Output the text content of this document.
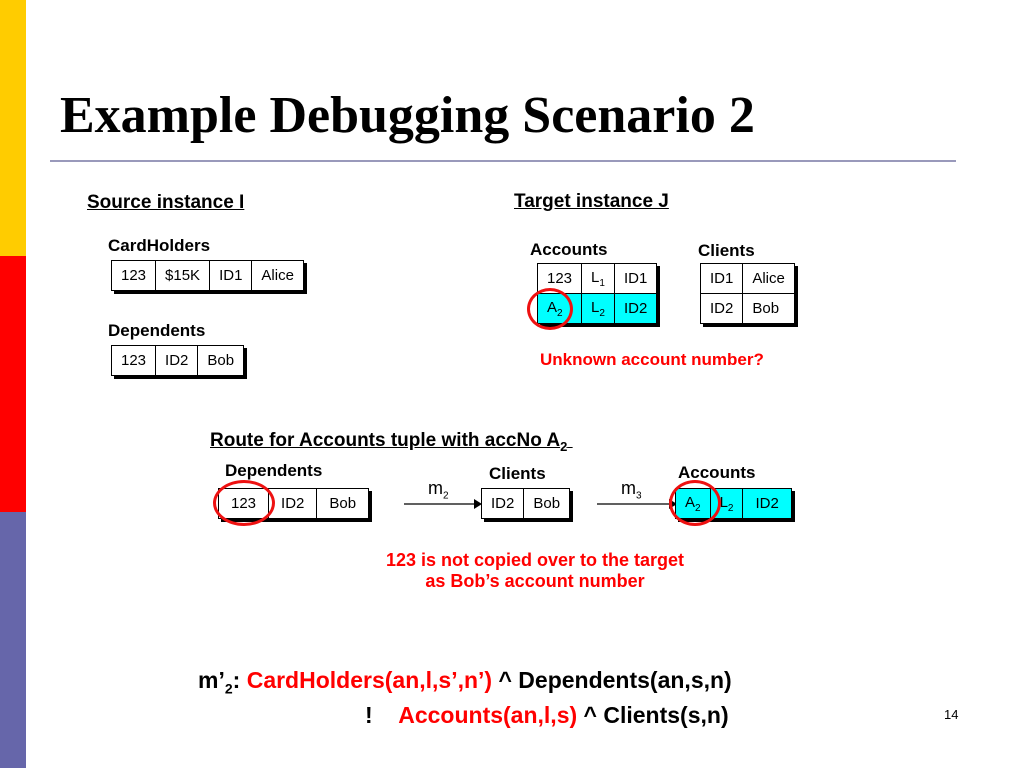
Example Debugging Scenario 2
Source instance I
CardHolders
123	$15K	ID1	Alice
Dependents
123	ID2	Bob
Target instance J
Accounts
123	$L_1$	ID1
$A_2$	$L_2$	ID2
Clients
ID1	Alice
ID2	Bob
Unknown account number?
Route for Accounts tuple with accNo $A_2$
Dependents
123	ID2	Bob
$m_2$
Clients
ID2	Bob
$m_3$
Accounts
$A_2$	$L_2$	ID2
123 is not copied over to the target
as Bob’s account number
$m’_2$: CardHolders(an,l,s’,n’) ^ Dependents(an,s,n)
! Accounts(an,l,s) ^ Clients(s,n)	14
